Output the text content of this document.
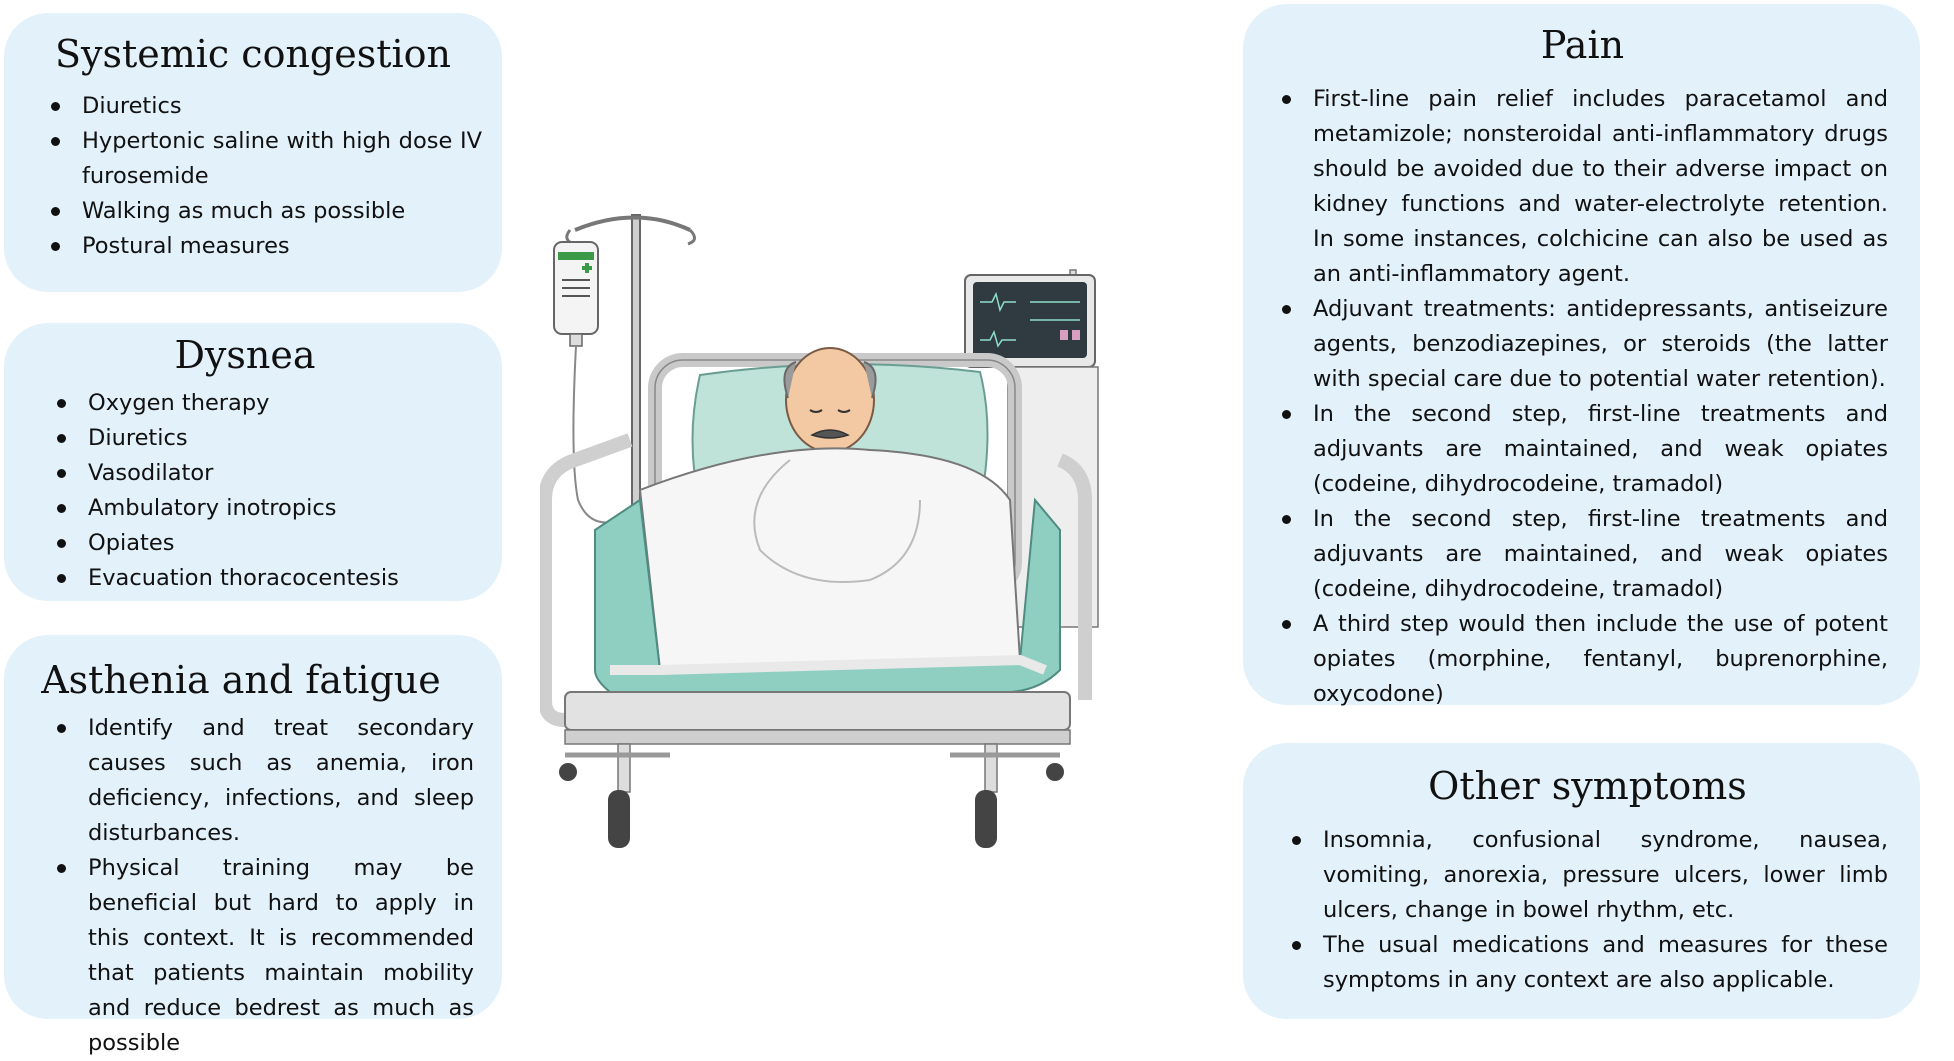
Systemic congestion
Diuretics
Hypertonic saline with high dose IV furosemide
Walking as much as possible
Postural measures
Dysnea
Oxygen therapy
Diuretics
Vasodilator
Ambulatory inotropics
Opiates
Evacuation thoracocentesis
Asthenia and fatigue
Identify and treat secondary causes such as anemia, iron deficiency, infections, and sleep disturbances.
Physical training may be beneficial but hard to apply in this context. It is recommended that patients maintain mobility and reduce bedrest as much as possible
Pain
First-line pain relief includes paracetamol and metamizole; nonsteroidal anti-inflammatory drugs should be avoided due to their adverse impact on kidney functions and water-electrolyte retention. In some instances, colchicine can also be used as an anti-inflammatory agent.
Adjuvant treatments: antidepressants, antiseizure agents, benzodiazepines, or steroids (the latter with special care due to potential water retention).
In the second step, first-line treatments and adjuvants are maintained, and weak opiates (codeine, dihydrocodeine, tramadol)
In the second step, first-line treatments and adjuvants are maintained, and weak opiates (codeine, dihydrocodeine, tramadol)
A third step would then include the use of potent opiates (morphine, fentanyl, buprenorphine, oxycodone)
Other symptoms
Insomnia, confusional syndrome, nausea, vomiting, anorexia, pressure ulcers, lower limb ulcers, change in bowel rhythm, etc.
The usual medications and measures for these symptoms in any context are also applicable.
